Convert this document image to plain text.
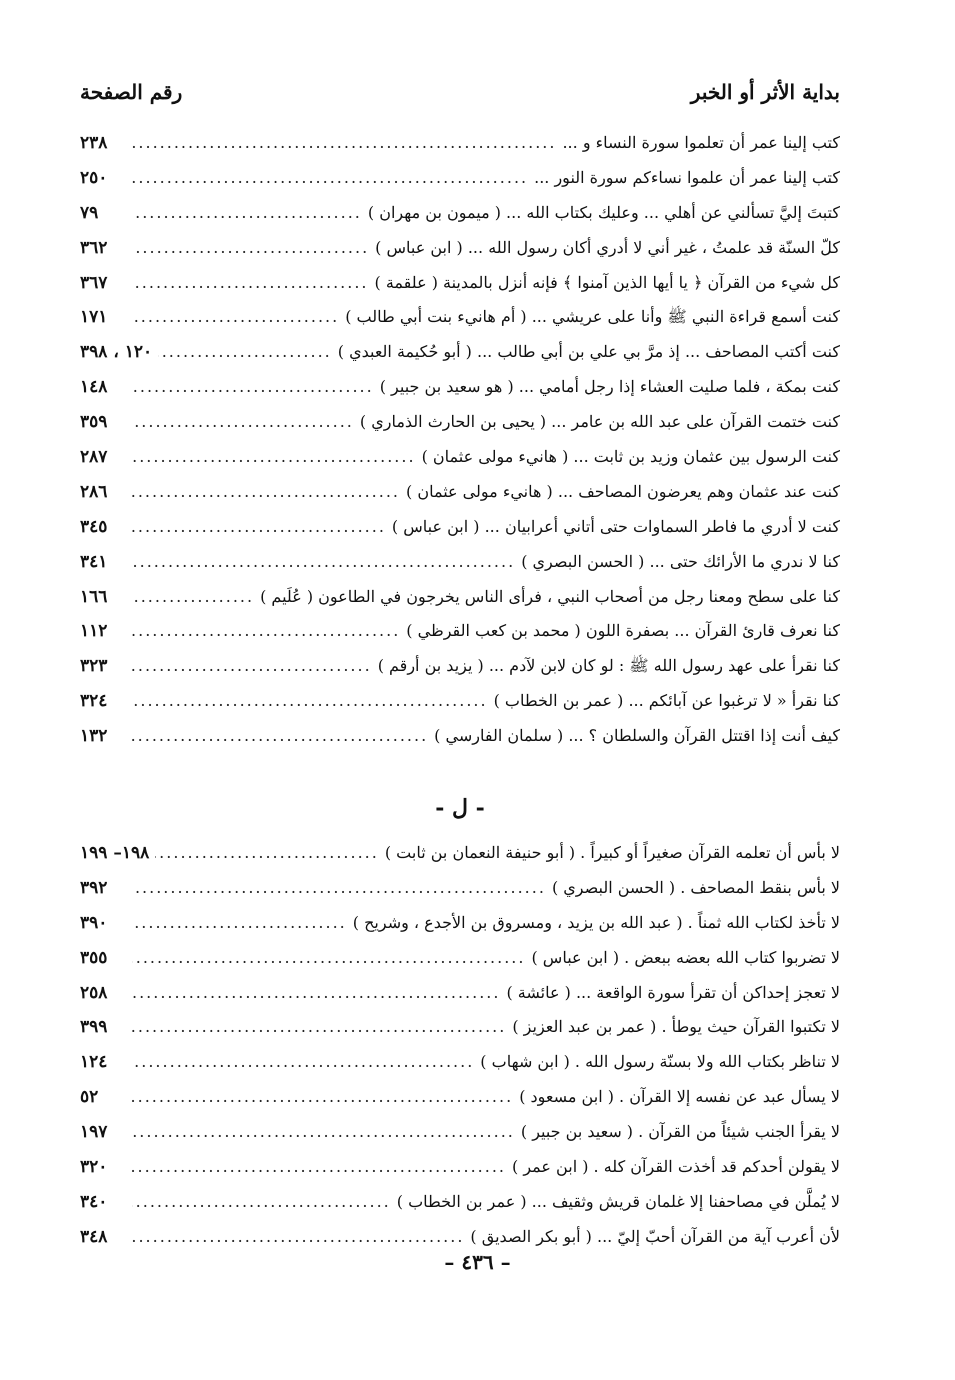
بداية الأثر أو الخبر
رقم الصفحة
كتب إلينا عمر أن تعلموا سورة النساء و ...
.....
٢٣٨
كتب إلينا عمر أن علموا نساءكم سورة النور ...
.....
٢٥٠
كتبتَ إليَّ تسألني عن أهلي ... وعليك بكتاب الله ... ( ميمون بن مهران )
.....
٧٩
كلّ السنّة قد علمتُ ، غير أني لا أدري أكان رسول الله ... ( ابن عباس )
.....
٣٦٢
كل شيء من القرآن ﴿ يا أيها الذين آمنوا ﴾ فإنه أنزل بالمدينة ( علقمة )
.....
٣٦٧
كنت أسمع قراءة النبي ﷺ وأنا على عريشي ... ( أم هانيء بنت أبي طالب )
.....
١٧١
كنت أكتب المصاحف ... إذ مرَّ بي علي بن أبي طالب ... ( أبو حُكيمة العبدي )
.....
١٢٠ ، ٣٩٨
كنت بمكة ، فلما صليت العشاء إذا رجل أمامي ... ( هو سعيد بن جبير )
.....
١٤٨
كنت ختمت القرآن على عبد الله بن عامر ... ( يحيى بن الحارث الذماري )
.....
٣٥٩
كنت الرسول بين عثمان وزيد بن ثابت ... ( هانيء مولى عثمان )
.....
٢٨٧
كنت عند عثمان وهم يعرضون المصاحف ... ( هانيء مولى عثمان )
.....
٢٨٦
كنت لا أدري ما فاطر السماوات حتى أتاني أعرابيان ... ( ابن عباس )
.....
٣٤٥
كنا لا ندري ما الأرائك حتى ... ( الحسن البصري )
.....
٣٤١
كنا على سطح ومعنا رجل من أصحاب النبي ، فرأى الناس يخرجون في الطاعون ( عُلَيم )
.....
١٦٦
كنا نعرف قارئ القرآن ... بصفرة اللون ( محمد بن كعب القرظي )
.....
١١٢
كنا نقرأ على عهد رسول الله ﷺ : لو كان لابن لآدم ... ( يزيد بن أرقم )
.....
٣٢٣
كنا نقرأ « لا ترغبوا عن آبائكم ... ( عمر بن الخطاب )
.....
٣٢٤
كيف أنت إذا اقتتل القرآن والسلطان ؟ ... ( سلمان الفارسي )
.....
١٣٢
- ل -
لا بأس أن تعلمه القرآن صغيراً أو كبيراً . ( أبو حنيفة النعمان بن ثابت )
.....
١٩٨– ١٩٩
لا بأس بنقط المصاحف . ( الحسن البصري )
.....
٣٩٢
لا تأخذ لكتاب الله ثمناً . ( عبد الله بن يزيد ، ومسروق بن الأجدع ، وشريح )
.....
٣٩٠
لا تضربوا كتاب الله بعضه ببعض . ( ابن عباس )
.....
٣٥٥
لا تعجز إحداكن أن تقرأ سورة الواقعة ... ( عائشة )
.....
٢٥٨
لا تكتبوا القرآن حيث يوطأ . ( عمر بن عبد العزيز )
.....
٣٩٩
لا تناظر بكتاب الله ولا بسنّة رسول الله . ( ابن شهاب )
.....
١٢٤
لا يسأل عبد عن نفسه إلا القرآن . ( ابن مسعود )
.....
٥٢
لا يقرأ الجنب شيئاً من القرآن . ( سعيد بن جبير )
.....
١٩٧
لا يقولن أحدكم قد أخذت القرآن كله . ( ابن عمر )
.....
٣٢٠
لا يُملَّن في مصاحفنا إلا غلمان قريش وثقيف ... ( عمر بن الخطاب )
.....
٣٤٠
لأن أعرب آية من القرآن أحبّ إليّ ... ( أبو بكر الصديق )
.....
٣٤٨
– ٤٣٦ –
